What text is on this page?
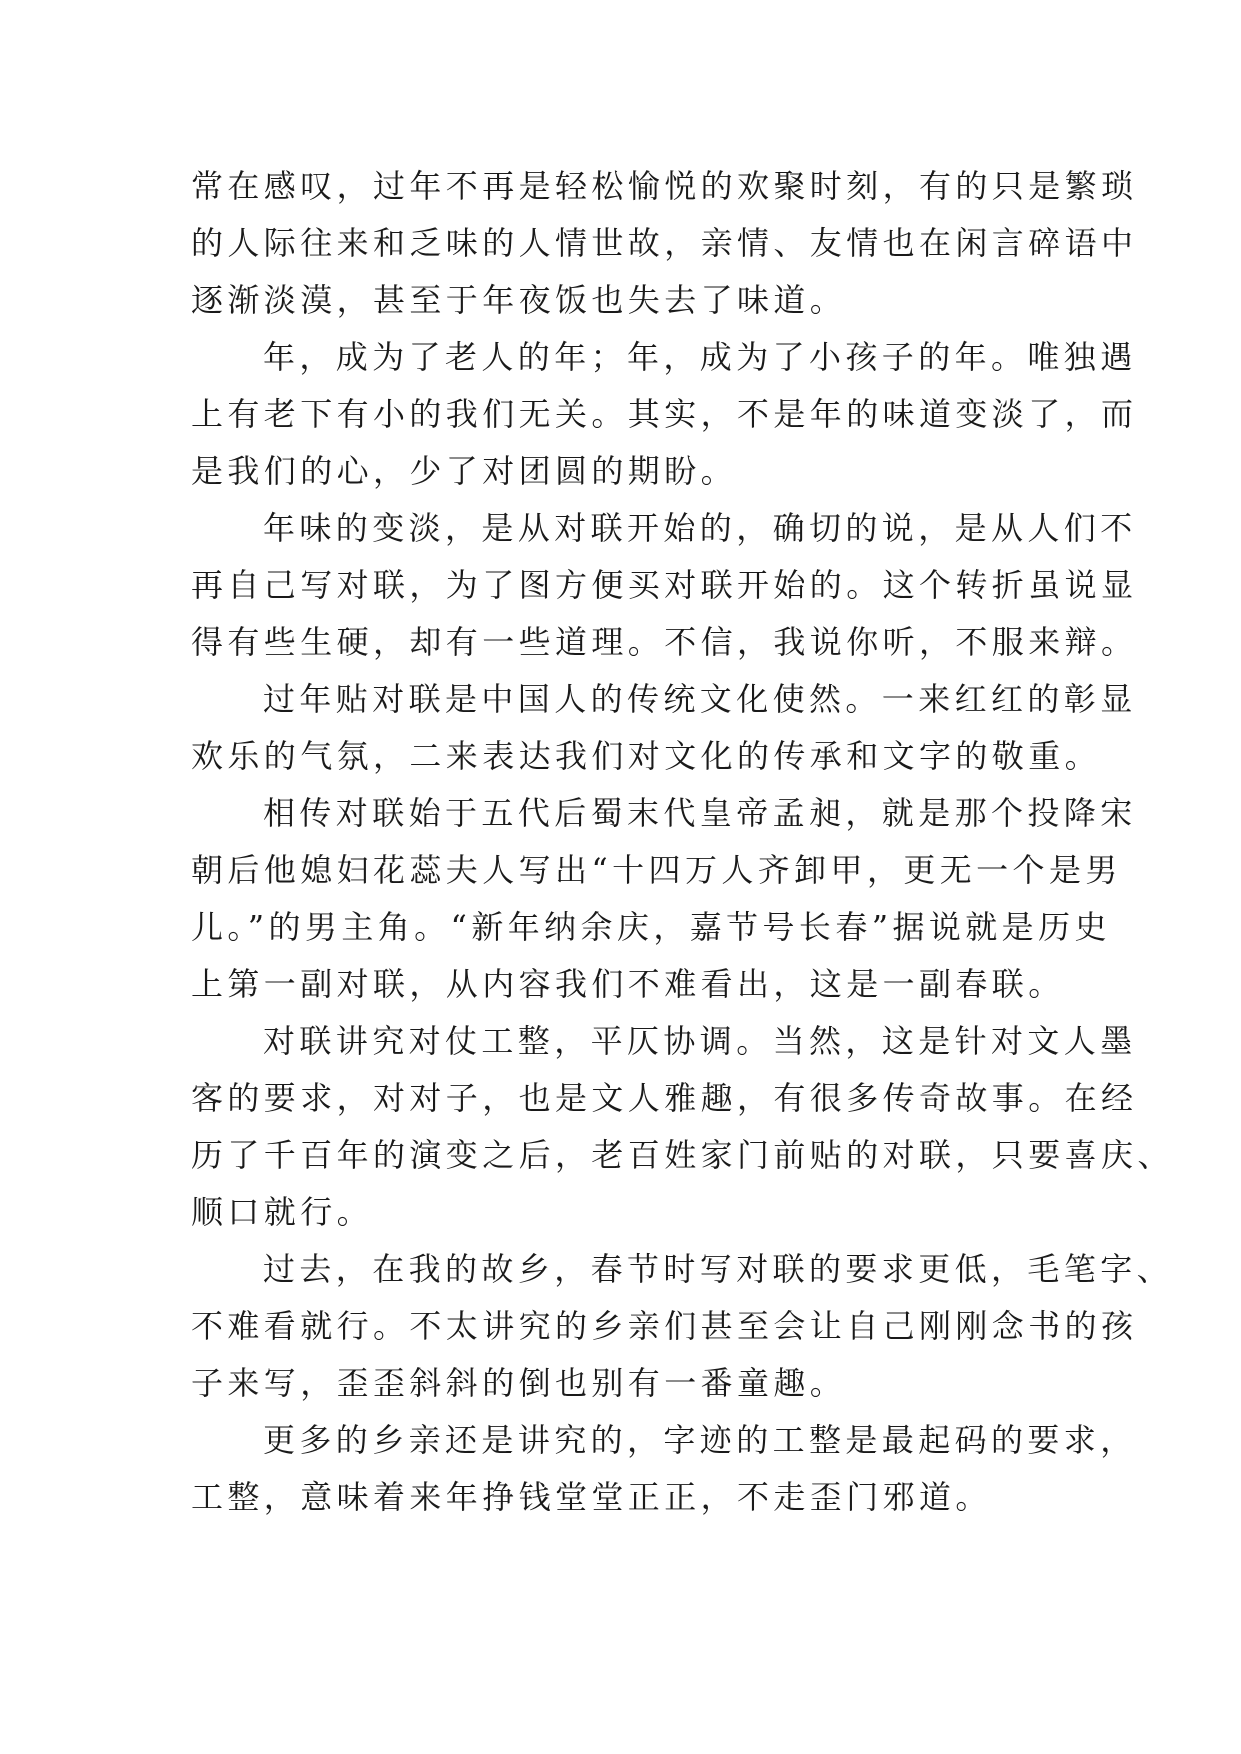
常在感叹，过年不再是轻松愉悦的欢聚时刻，有的只是繁琐
的人际往来和乏味的人情世故，亲情、友情也在闲言碎语中
逐渐淡漠，甚至于年夜饭也失去了味道。
年，成为了老人的年；年，成为了小孩子的年。唯独遇
上有老下有小的我们无关。其实，不是年的味道变淡了，而
是我们的心，少了对团圆的期盼。
年味的变淡，是从对联开始的，确切的说，是从人们不
再自己写对联，为了图方便买对联开始的。这个转折虽说显
得有些生硬，却有一些道理。不信，我说你听，不服来辩。
过年贴对联是中国人的传统文化使然。一来红红的彰显
欢乐的气氛，二来表达我们对文化的传承和文字的敬重。
相传对联始于五代后蜀末代皇帝孟昶，就是那个投降宋
朝后他媳妇花蕊夫人写出“十四万人齐卸甲，更无一个是男
儿。”的男主角。“新年纳余庆，嘉节号长春”据说就是历史
上第一副对联，从内容我们不难看出，这是一副春联。
对联讲究对仗工整，平仄协调。当然，这是针对文人墨
客的要求，对对子，也是文人雅趣，有很多传奇故事。在经
历了千百年的演变之后，老百姓家门前贴的对联，只要喜庆、
顺口就行。
过去，在我的故乡，春节时写对联的要求更低，毛笔字、
不难看就行。不太讲究的乡亲们甚至会让自己刚刚念书的孩
子来写，歪歪斜斜的倒也别有一番童趣。
更多的乡亲还是讲究的，字迹的工整是最起码的要求，
工整，意味着来年挣钱堂堂正正，不走歪门邪道。
